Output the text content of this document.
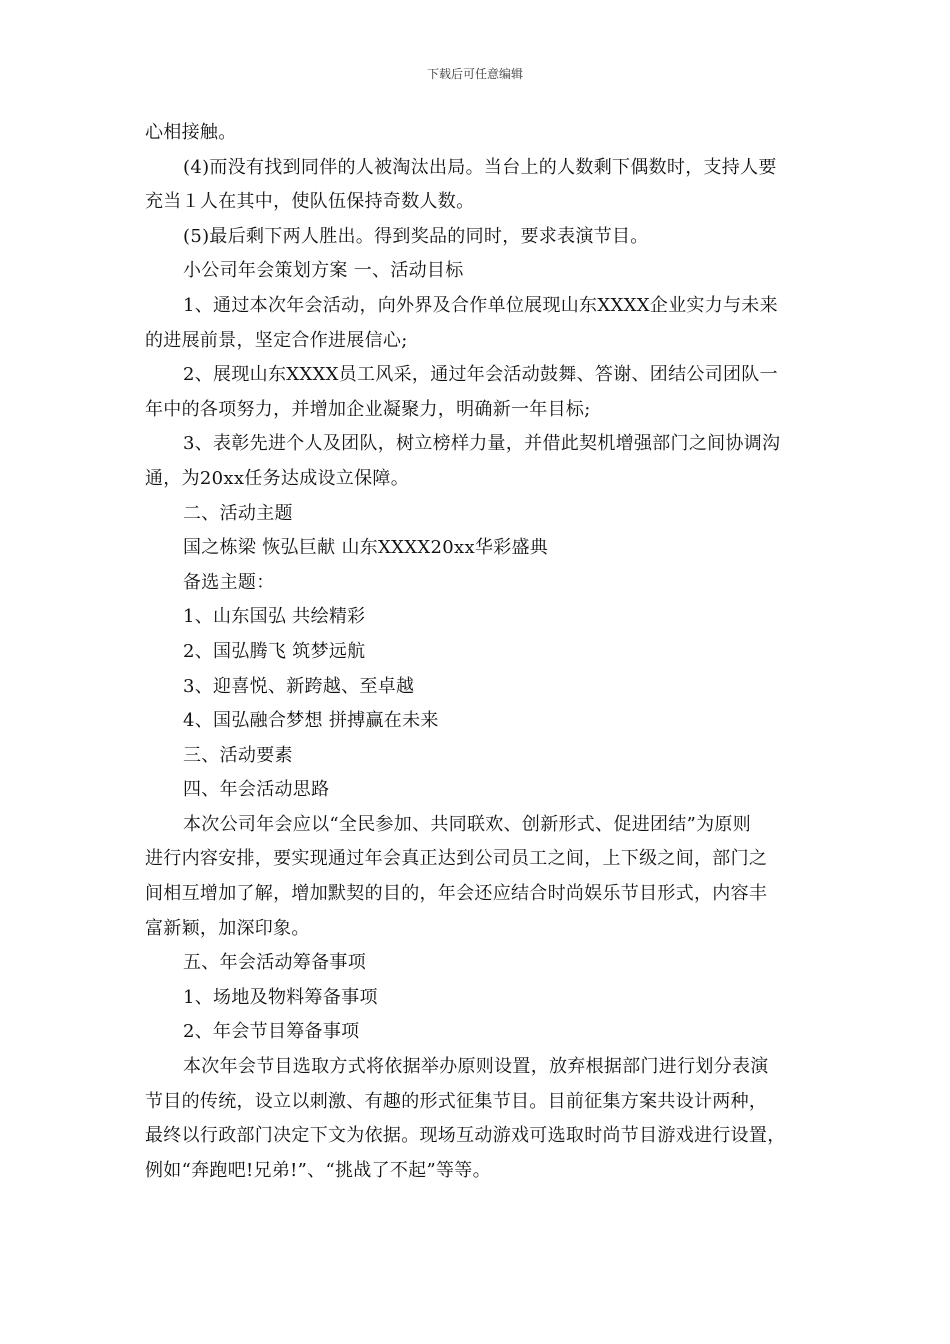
下载后可任意编辑
心相接触。
(4)而没有找到同伴的人被淘汰出局。当台上的人数剩下偶数时，支持人要
充当１人在其中，使队伍保持奇数人数。
(5)最后剩下两人胜出。得到奖品的同时，要求表演节目。
小公司年会策划方案 一、活动目标
1、通过本次年会活动，向外界及合作单位展现山东XXXX企业实力与未来
的进展前景，坚定合作进展信心;
2、展现山东XXXX员工风采，通过年会活动鼓舞、答谢、团结公司团队一
年中的各项努力，并增加企业凝聚力，明确新一年目标;
3、表彰先进个人及团队，树立榜样力量，并借此契机增强部门之间协调沟
通，为20xx任务达成设立保障。
二、活动主题
国之栋梁 恢弘巨献 山东XXXX20xx华彩盛典
备选主题：
1、山东国弘 共绘精彩
2、国弘腾飞 筑梦远航
3、迎喜悦、新跨越、至卓越
4、国弘融合梦想 拼搏赢在未来
三、活动要素
四、年会活动思路
本次公司年会应以“全民参加、共同联欢、创新形式、促进团结”为原则
进行内容安排，要实现通过年会真正达到公司员工之间，上下级之间，部门之
间相互增加了解，增加默契的目的，年会还应结合时尚娱乐节目形式，内容丰
富新颖，加深印象。
五、年会活动筹备事项
1、场地及物料筹备事项
2、年会节目筹备事项
本次年会节目选取方式将依据举办原则设置，放弃根据部门进行划分表演
节目的传统，设立以刺激、有趣的形式征集节目。目前征集方案共设计两种，
最终以行政部门决定下文为依据。现场互动游戏可选取时尚节目游戏进行设置，
例如“奔跑吧!兄弟!”、“挑战了不起”等等。
